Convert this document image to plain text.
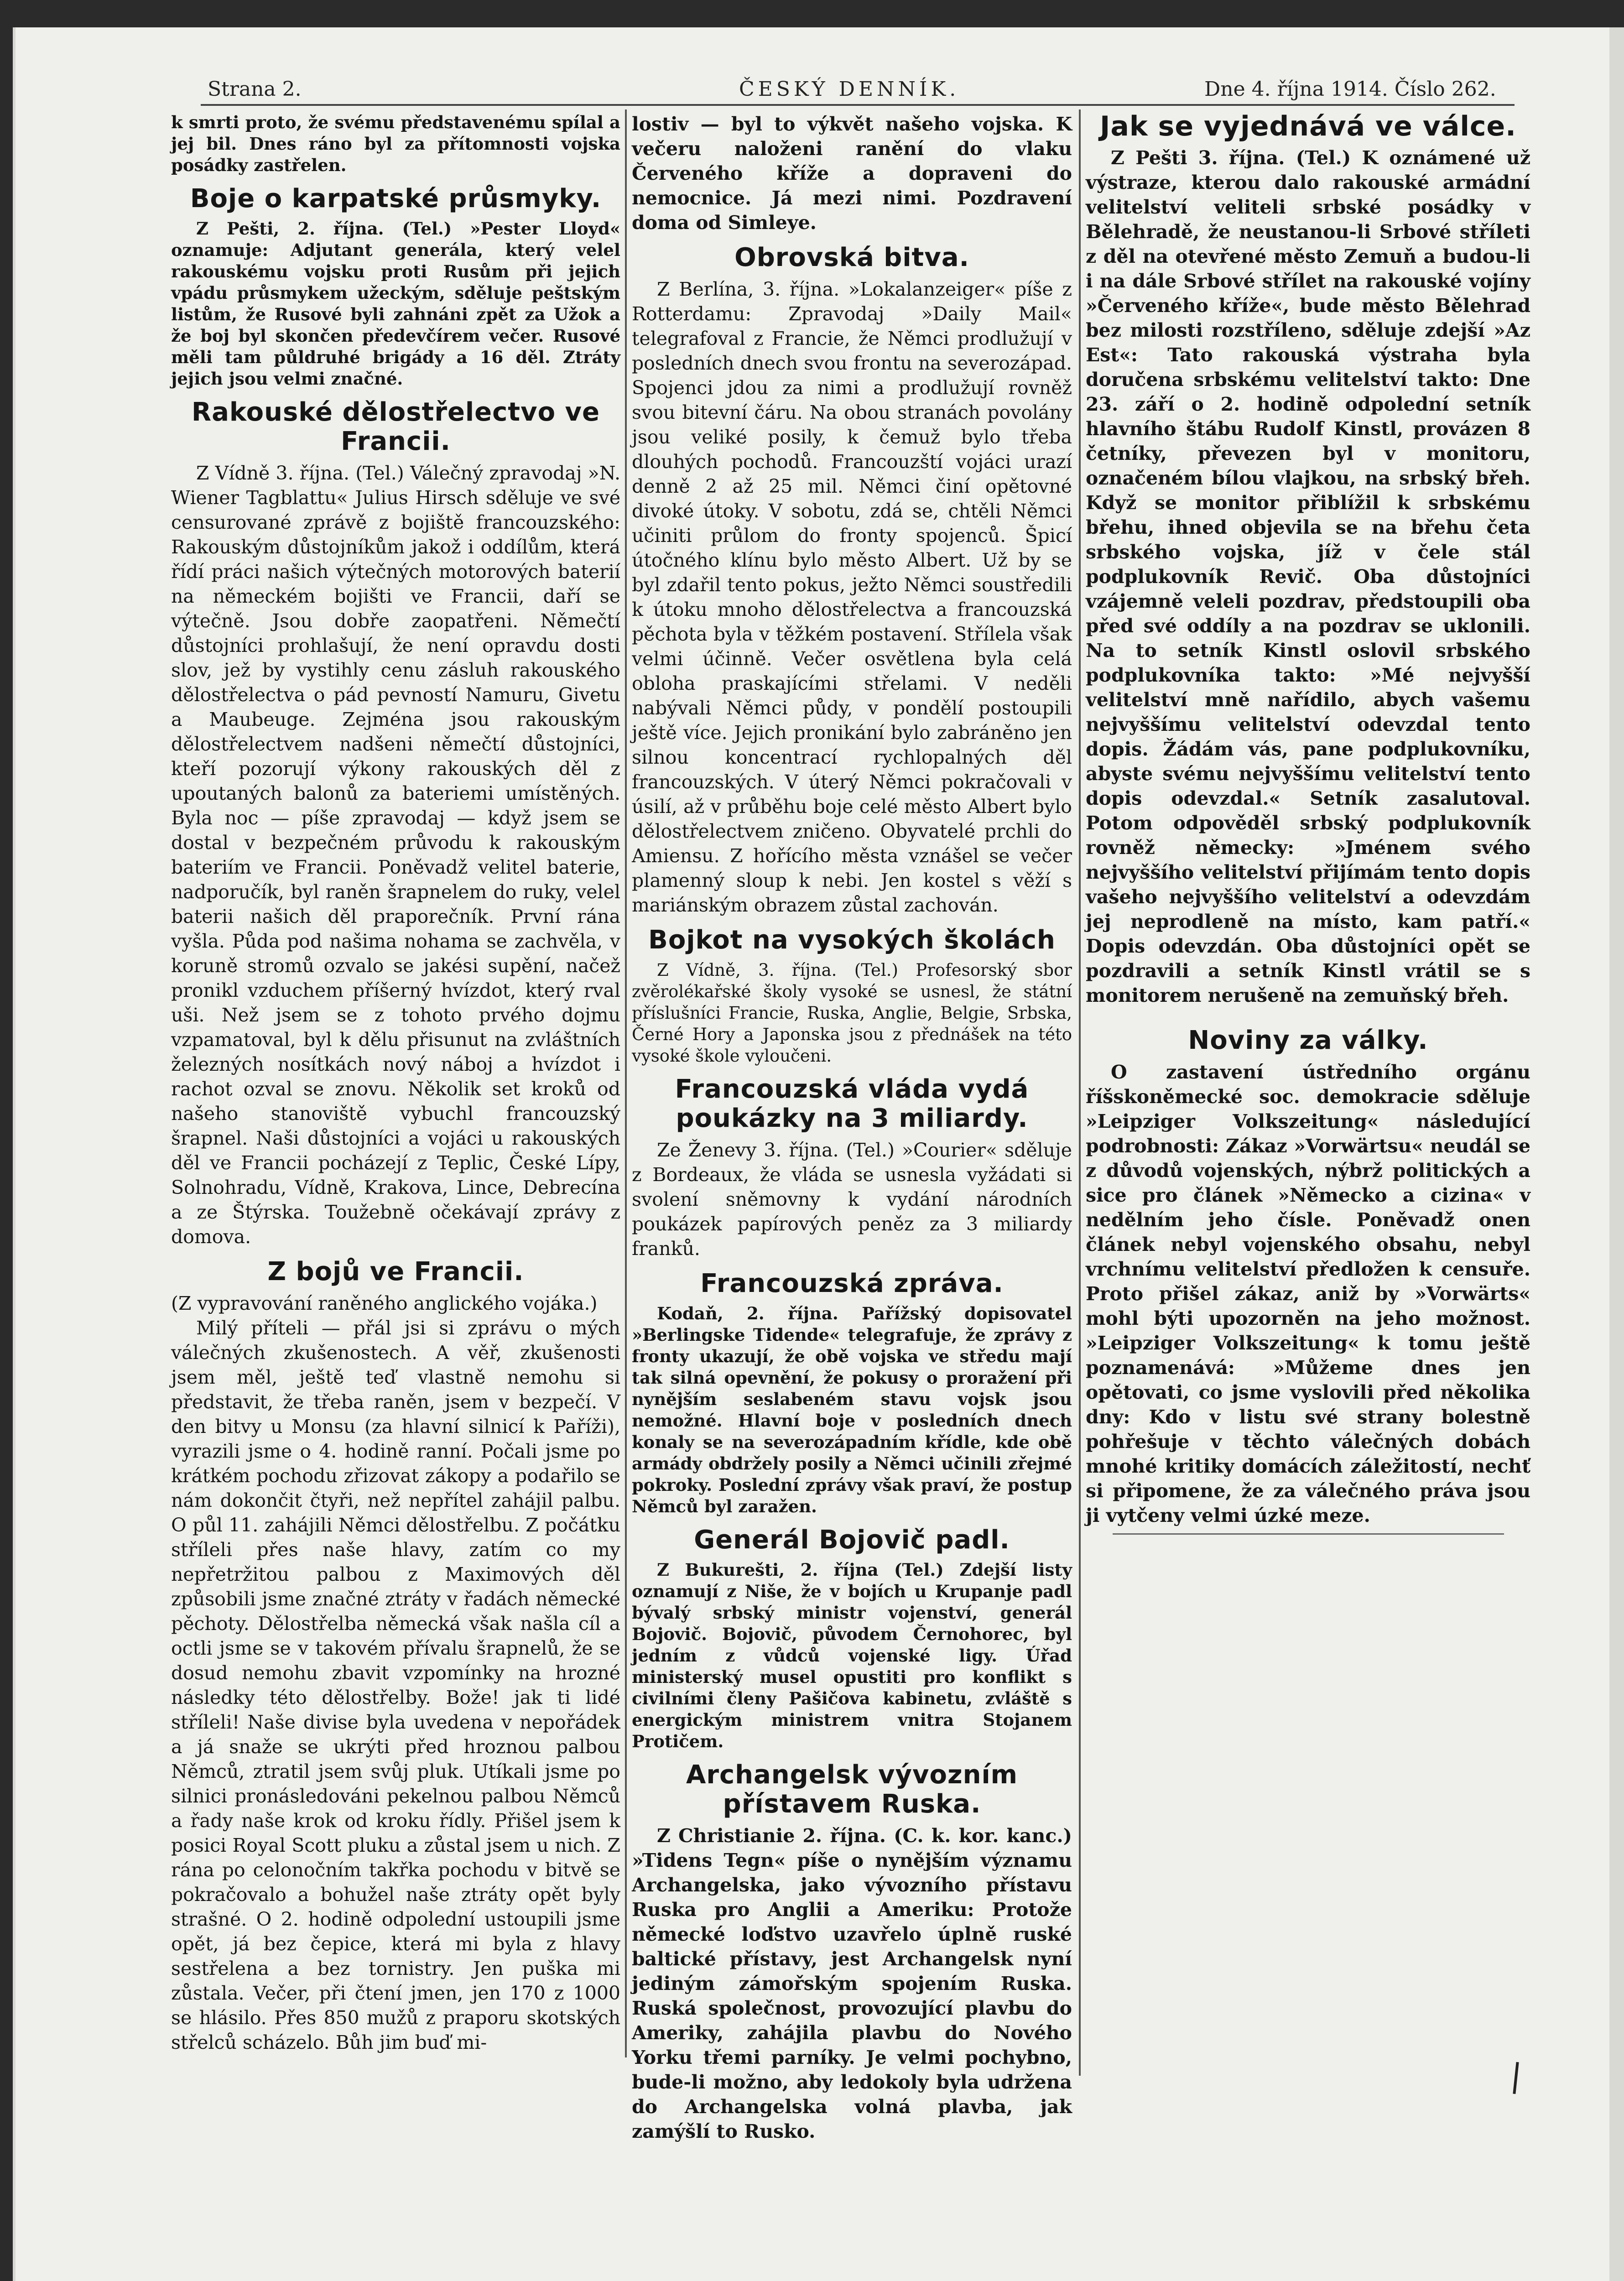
Strana 2.	ČESKÝ DENNÍK.	Dne 4. října 1914. Číslo 262.

k smrti proto, že svému představenému spílal a jej bil. Dnes ráno byl za přítomnosti vojska posádky zastřelen.

Boje o karpatské průsmyky.

Z Pešti, 2. října. (Tel.) »Pester Lloyd« oznamuje: Adjutant generála, který velel rakouskému vojsku proti Rusům při jejich vpádu průsmykem užeckým, sděluje peštským listům, že Rusové byli zahnáni zpět za Užok a že boj byl skončen předevčírem večer. Rusové měli tam půldruhé brigády a 16 děl. Ztráty jejich jsou velmi značné.

Rakouské dělostřelectvo ve Francii.

Z Vídně 3. října. (Tel.) Válečný zpravodaj »N. Wiener Tagblattu« Julius Hirsch sděluje ve své censurované zprávě z bojiště francouzského: Rakouským důstojníkům jakož i oddílům, která řídí práci našich výtečných motorových baterií na německém bojišti ve Francii, daří se výtečně. Jsou dobře zaopatřeni. Němečtí důstojníci prohlašují, že není opravdu dosti slov, jež by vystihly cenu zásluh rakouského dělostřelectva o pád pevností Namuru, Givetu a Maubeuge. Zejména jsou rakouským dělostřelectvem nadšeni němečtí důstojníci, kteří pozorují výkony rakouských děl z upoutaných balonů za bateriemi umístěných. Byla noc — píše zpravodaj — když jsem se dostal v bezpečném průvodu k rakouským bateriím ve Francii. Poněvadž velitel baterie, nadporučík, byl raněn šrapnelem do ruky, velel baterii našich děl praporečník. První rána vyšla. Půda pod našima nohama se zachvěla, v koruně stromů ozvalo se jakési supění, načež pronikl vzduchem příšerný hvízdot, který rval uši. Než jsem se z tohoto prvého dojmu vzpamatoval, byl k dělu přisunut na zvláštních železných nosítkách nový náboj a hvízdot i rachot ozval se znovu. Několik set kroků od našeho stanoviště vybuchl francouzský šrapnel. Naši důstojníci a vojáci u rakouských děl ve Francii pocházejí z Teplic, České Lípy, Solnohradu, Vídně, Krakova, Lince, Debrecína a ze Štýrska. Toužebně očekávají zprávy z domova.

Z bojů ve Francii.

(Z vypravování raněného anglického vojáka.)

Milý příteli — přál jsi si zprávu o mých válečných zkušenostech. A věř, zkušenosti jsem měl, ještě teď vlastně nemohu si představit, že třeba raněn, jsem v bezpečí. V den bitvy u Monsu (za hlavní silnicí k Paříži), vyrazili jsme o 4. hodině ranní. Počali jsme po krátkém pochodu zřizovat zákopy a podařilo se nám dokončit čtyři, než nepřítel zahájil palbu. O půl 11. zahájili Němci dělostřelbu. Z počátku stříleli přes naše hlavy, zatím co my nepřetržitou palbou z Maximových děl způsobili jsme značné ztráty v řadách německé pěchoty. Dělostřelba německá však našla cíl a octli jsme se v takovém přívalu šrapnelů, že se dosud nemohu zbavit vzpomínky na hrozné následky této dělostřelby. Bože! jak ti lidé stříleli! Naše divise byla uvedena v nepořádek a já snaže se ukrýti před hroznou palbou Němců, ztratil jsem svůj pluk. Utíkali jsme po silnici pronásledováni pekelnou palbou Němců a řady naše krok od kroku řídly. Přišel jsem k posici Royal Scott pluku a zůstal jsem u nich. Z rána po celonočním takřka pochodu v bitvě se pokračovalo a bohužel naše ztráty opět byly strašné. O 2. hodině odpolední ustoupili jsme opět, já bez čepice, která mi byla z hlavy sestřelena a bez tornistry. Jen puška mi zůstala. Večer, při čtení jmen, jen 170 z 1000 se hlásilo. Přes 850 mužů z praporu skotských střelců scházelo. Bůh jim buď mi-

lostiv — byl to výkvět našeho vojska. K večeru naloženi ranění do vlaku Červeného kříže a dopraveni do nemocnice. Já mezi nimi. Pozdravení doma od Simleye.

Obrovská bitva.

Z Berlína, 3. října. »Lokalanzeiger« píše z Rotterdamu: Zpravodaj »Daily Mail« telegrafoval z Francie, že Němci prodlužují v posledních dnech svou frontu na severozápad. Spojenci jdou za nimi a prodlužují rovněž svou bitevní čáru. Na obou stranách povolány jsou veliké posily, k čemuž bylo třeba dlouhých pochodů. Francouzští vojáci urazí denně 2 až 25 mil. Němci činí opětovné divoké útoky. V sobotu, zdá se, chtěli Němci učiniti průlom do fronty spojenců. Špicí útočného klínu bylo město Albert. Už by se byl zdařil tento pokus, ježto Němci soustředili k útoku mnoho dělostřelectva a francouzská pěchota byla v těžkém postavení. Střílela však velmi účinně. Večer osvětlena byla celá obloha praskajícími střelami. V neděli nabývali Němci půdy, v pondělí postoupili ještě více. Jejich pronikání bylo zabráněno jen silnou koncentrací rychlopalných děl francouzských. V úterý Němci pokračovali v úsilí, až v průběhu boje celé město Albert bylo dělostřelectvem zničeno. Obyvatelé prchli do Amiensu. Z hořícího města vznášel se večer plamenný sloup k nebi. Jen kostel s věží s mariánským obrazem zůstal zachován.

Bojkot na vysokých školách

Z Vídně, 3. října. (Tel.) Profesorský sbor zvěrolékařské školy vysoké se usnesl, že státní příslušníci Francie, Ruska, Anglie, Belgie, Srbska, Černé Hory a Japonska jsou z přednášek na této vysoké škole vyloučeni.

Francouzská vláda vydá poukázky na 3 miliardy.

Ze Ženevy 3. října. (Tel.) »Courier« sděluje z Bordeaux, že vláda se usnesla vyžádati si svolení sněmovny k vydání národních poukázek papírových peněz za 3 miliardy franků.

Francouzská zpráva.

Kodaň, 2. října. Pařížský dopisovatel »Berlingske Tidende« telegrafuje, že zprávy z fronty ukazují, že obě vojska ve středu mají tak silná opevnění, že pokusy o proražení při nynějším seslabeném stavu vojsk jsou nemožné. Hlavní boje v posledních dnech konaly se na severozápadním křídle, kde obě armády obdržely posily a Němci učinili zřejmé pokroky. Poslední zprávy však praví, že postup Němců byl zaražen.

Generál Bojovič padl.

Z Bukurešti, 2. října (Tel.) Zdejší listy oznamují z Niše, že v bojích u Krupanje padl bývalý srbský ministr vojenství, generál Bojovič. Bojovič, původem Černohorec, byl jedním z vůdců vojenské ligy. Úřad ministerský musel opustiti pro konflikt s civilními členy Pašičova kabinetu, zvláště s energickým ministrem vnitra Stojanem Protičem.

Archangelsk vývozním přístavem Ruska.

Z Christianie 2. října. (C. k. kor. kanc.) »Tidens Tegn« píše o nynějším významu Archangelska, jako vývozního přístavu Ruska pro Anglii a Ameriku: Protože německé loďstvo uzavřelo úplně ruské baltické přístavy, jest Archangelsk nyní jediným zámořským spojením Ruska. Ruská společnost, provozující plavbu do Ameriky, zahájila plavbu do Nového Yorku třemi parníky. Je velmi pochybno, bude-li možno, aby ledokoly byla udržena do Archangelska volná plavba, jak zamýšlí to Rusko.

Jak se vyjednává ve válce.

Z Pešti 3. října. (Tel.) K oznámené už výstraze, kterou dalo rakouské armádní velitelství veliteli srbské posádky v Bělehradě, že neustanou-li Srbové stříleti z děl na otevřené město Zemuň a budou-li i na dále Srbové střílet na rakouské vojíny »Červeného kříže«, bude město Bělehrad bez milosti rozstříleno, sděluje zdejší »Az Est«: Tato rakouská výstraha byla doručena srbskému velitelství takto: Dne 23. září o 2. hodině odpolední setník hlavního štábu Rudolf Kinstl, provázen 8 četníky, převezen byl v monitoru, označeném bílou vlajkou, na srbský břeh. Když se monitor přiblížil k srbskému břehu, ihned objevila se na břehu četa srbského vojska, jíž v čele stál podplukovník Revič. Oba důstojníci vzájemně veleli pozdrav, předstoupili oba před své oddíly a na pozdrav se uklonili. Na to setník Kinstl oslovil srbského podplukovníka takto: »Mé nejvyšší velitelství mně nařídilo, abych vašemu nejvyššímu velitelství odevzdal tento dopis. Žádám vás, pane podplukovníku, abyste svému nejvyššímu velitelství tento dopis odevzdal.« Setník zasalutoval. Potom odpověděl srbský podplukovník rovněž německy: »Jménem svého nejvyššího velitelství přijímám tento dopis vašeho nejvyššího velitelství a odevzdám jej neprodleně na místo, kam patří.« Dopis odevzdán. Oba důstojníci opět se pozdravili a setník Kinstl vrátil se s monitorem nerušeně na zemuňský břeh.

Noviny za války.

O zastavení ústředního orgánu říšskoněmecké soc. demokracie sděluje »Leipziger Volkszeitung« následující podrobnosti: Zákaz »Vorwärtsu« neudál se z důvodů vojenských, nýbrž politických a sice pro článek »Německo a cizina« v nedělním jeho čísle. Poněvadž onen článek nebyl vojenského obsahu, nebyl vrchnímu velitelství předložen k censuře. Proto přišel zákaz, aniž by »Vorwärts« mohl býti upozorněn na jeho možnost. »Leipziger Volkszeitung« k tomu ještě poznamenává: »Můžeme dnes jen opětovati, co jsme vyslovili před několika dny: Kdo v listu své strany bolestně pohřešuje v těchto válečných dobách mnohé kritiky domácích záležitostí, nechť si připomene, že za válečného práva jsou ji vytčeny velmi úzké meze.
